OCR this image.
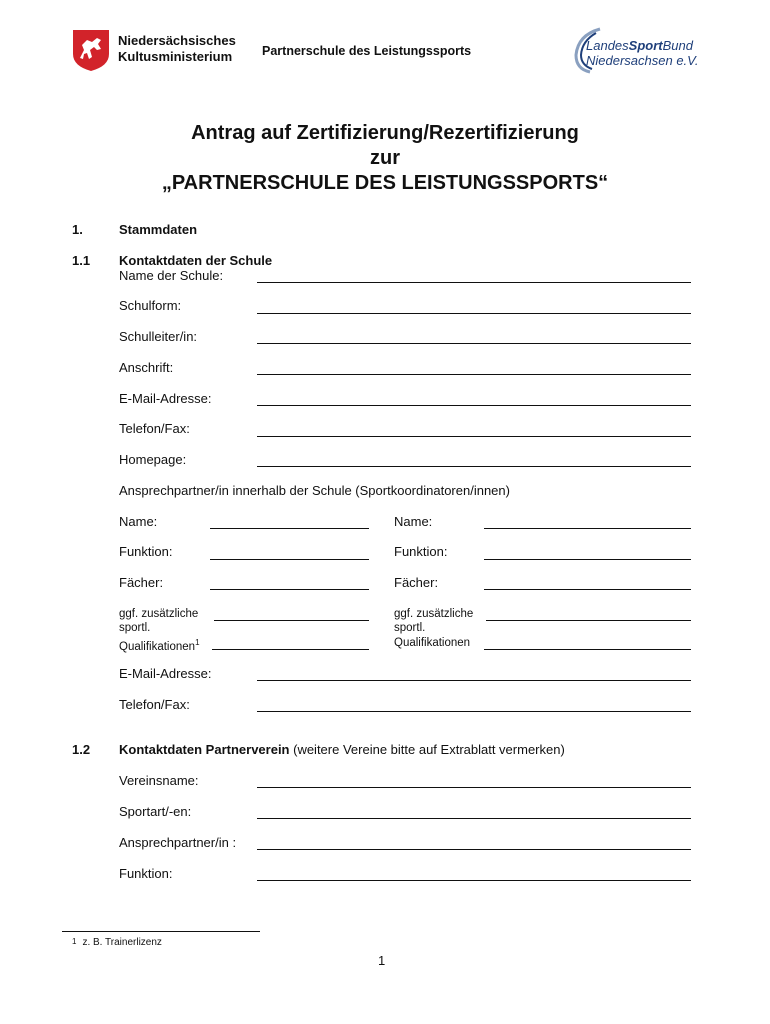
Niedersächsisches
Kultusministerium Partnerschule des Leistungssports	LandesSportBund
Niedersachsen e.V.
Antrag auf Zertifizierung/Rezertifizierung
zur
„PARTNERSCHULE DES LEISTUNGSSPORTS“
1.	Stammdaten
1.1 Kontaktdaten der Schule
Name der Schule:
Schulform:
Schulleiter/in:
Anschrift:
E-Mail-Adresse:
Telefon/Fax:
Homepage:
Ansprechpartner/in innerhalb der Schule (Sportkoordinatoren/innen)
Name:	Name:
Funktion:	Funktion:
Fächer:	Fächer:
ggf. zusätzliche
sportl.
Qualifikationen$^1$
ggf. zusätzliche
sportl.
Qualifikationen
E-Mail-Adresse:
Telefon/Fax:
1.2 Kontaktdaten Partnerverein (weitere Vereine bitte auf Extrablatt vermerken)
Vereinsname:
Sportart/-en:
Ansprechpartner/in :
Funktion:
$^1$ z. B. Trainerlizenz
1
